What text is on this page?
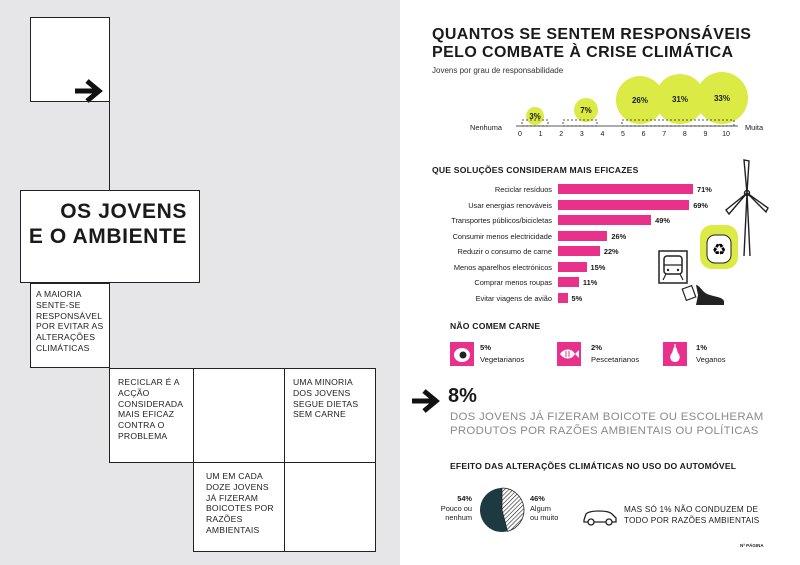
OS JOVENS
E O AMBIENTE
A MAIORIA SENTE-SE RESPONSÁVEL POR EVITAR AS ALTERAÇÕES CLIMÁTICAS
RECICLAR É A ACÇÃO CONSIDERADA MAIS EFICAZ CONTRA O PROBLEMA
UMA MINORIA DOS JOVENS SEGUE DIETAS SEM CARNE
UM EM CADA DOZE JOVENS JÁ FIZERAM BOICOTES POR RAZÕES AMBIENTAIS
QUANTOS SE SENTEM RESPONSÁVEIS
PELO COMBATE À CRISE CLIMÁTICA
Jovens por grau de responsabilidade
3%
7%
26%	31%	33%
Nenhuma	Muita
0 1 2 3 4 5 6 7 8 9 10
QUE SOLUÇÕES CONSIDERAM MAIS EFICAZES
Reciclar resíduos	71%
Usar energias renováveis	69%
Transportes públicos/bicicletas	49%
Consumir menos electricidade	26%
Reduzir o consumo de carne	22%
Menos aparelhos electrónicos	15%
Comprar menos roupas	11%
Evitar viagens de avião	5%
♻
NÃO COMEM CARNE
5%
Vegetarianos
2%
Pescetarianos
1%
Veganos
8%
DOS JOVENS JÁ FIZERAM BOICOTE OU ESCOLHERAM
PRODUTOS POR RAZÕES AMBIENTAIS OU POLÍTICAS
EFEITO DAS ALTERAÇÕES CLIMÁTICAS NO USO DO AUTOMÓVEL
54%
Pouco ou
nenhum
46%
Algum
ou muito
MAS SÓ 1% NÃO CONDUZEM DE
TODO POR RAZÕES AMBIENTAIS
Nª PÁGINA
